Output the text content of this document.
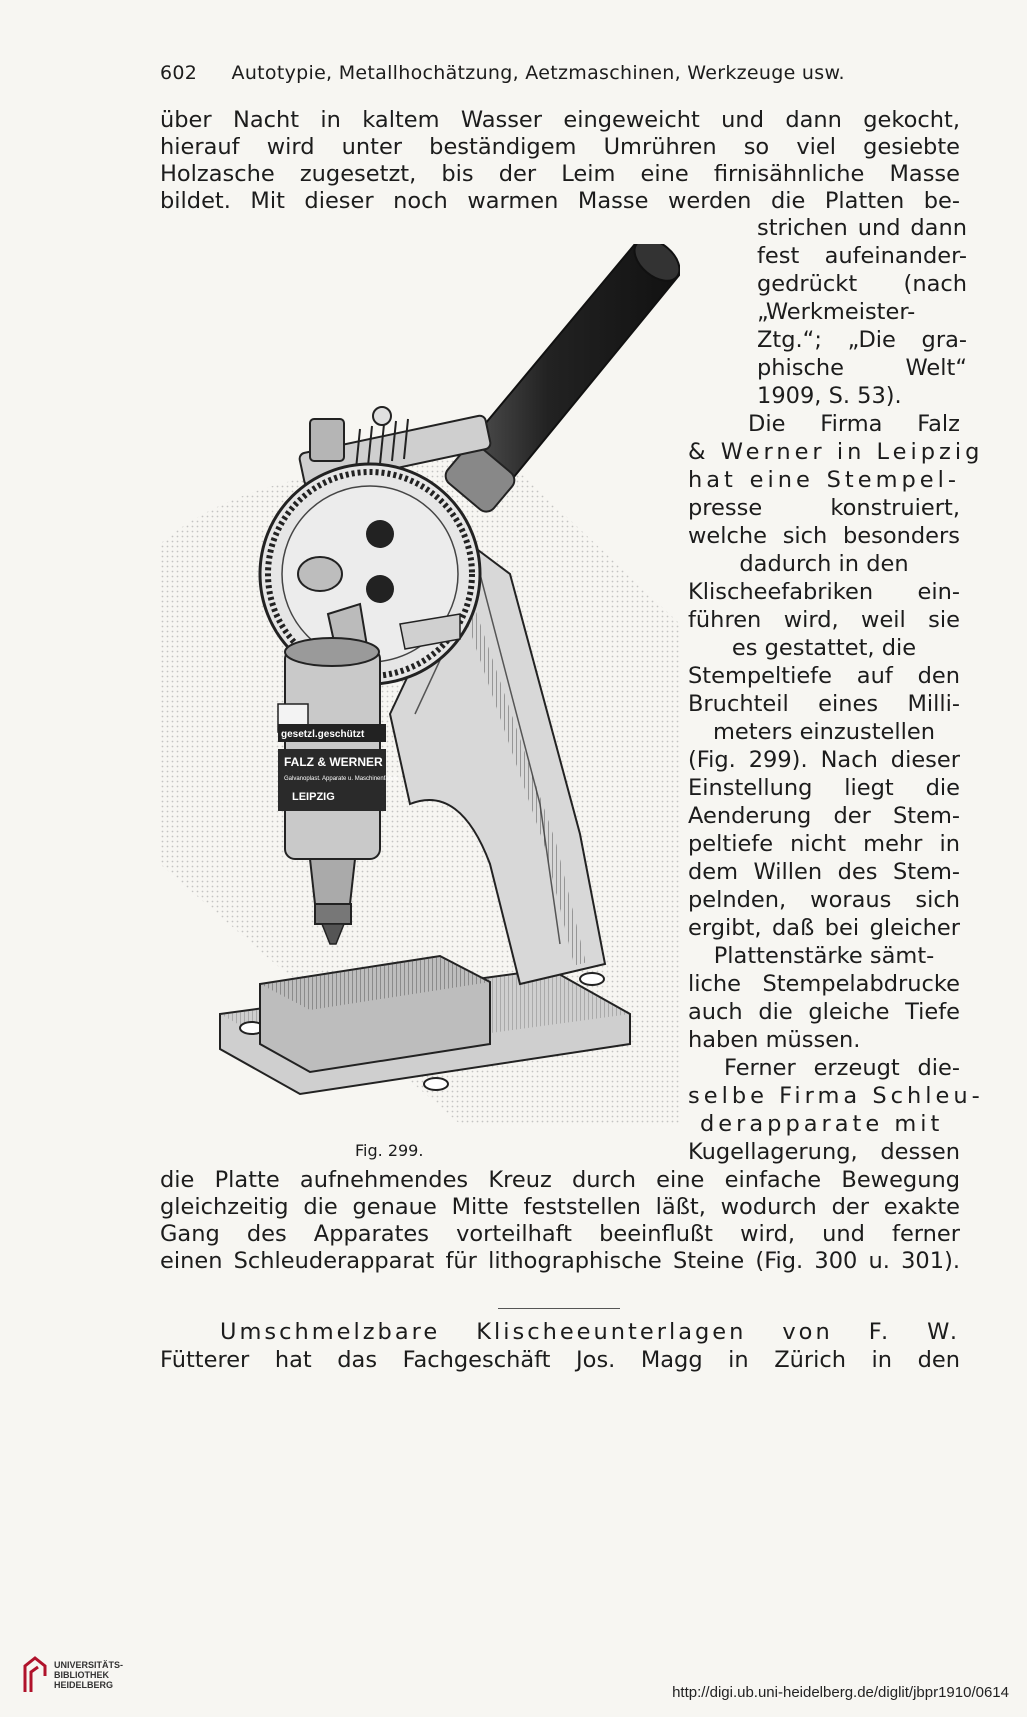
602 Autotypie, Metallhochätzung, Aetzmaschinen, Werkzeuge usw.
über Nacht in kaltem Wasser eingeweicht und dann gekocht,
hierauf wird unter beständigem Umrühren so viel gesiebte
Holzasche zugesetzt, bis der Leim eine firnisähnliche Masse
bildet. Mit dieser noch warmen Masse werden die Platten be-
strichen und dann
fest aufeinander-
gedrückt (nach
„Werkmeister-
Ztg.“; „Die gra-
phische Welt“
1909, S. 53).
Die Firma Falz
& Werner in Leipzig
hat eine Stempel-
presse konstruiert,
welche sich besonders
dadurch in den
Klischeefabriken ein-
führen wird, weil sie
es gestattet, die
Stempeltiefe auf den
Bruchteil eines Milli-
meters einzustellen
(Fig. 299). Nach dieser
Einstellung liegt die
Aenderung der Stem-
peltiefe nicht mehr in
dem Willen des Stem-
pelnden, woraus sich
ergibt, daß bei gleicher
Plattenstärke sämt-
liche Stempelabdrucke
auch die gleiche Tiefe
haben müssen.
Ferner erzeugt die-
selbe Firma Schleu-
derapparate mit
Kugellagerung, dessen
die Platte aufnehmendes Kreuz durch eine einfache Bewegung
gleichzeitig die genaue Mitte feststellen läßt, wodurch der exakte
Gang des Apparates vorteilhaft beeinflußt wird, und ferner
einen Schleuderapparat für lithographische Steine (Fig. 300 u. 301).
Umschmelzbare Klischeeunterlagen von F. W.
Fütterer hat das Fachgeschäft Jos. Magg in Zürich in den
gesetzl.geschützt
FALZ & WERNER
Galvanoplast. Apparate u. Maschinenfabrik
LEIPZIG
Fig. 299.
UNIVERSITÄTS-
BIBLIOTHEK
HEIDELBERG	http://digi.ub.uni-heidelberg.de/diglit/jbpr1910/0614
